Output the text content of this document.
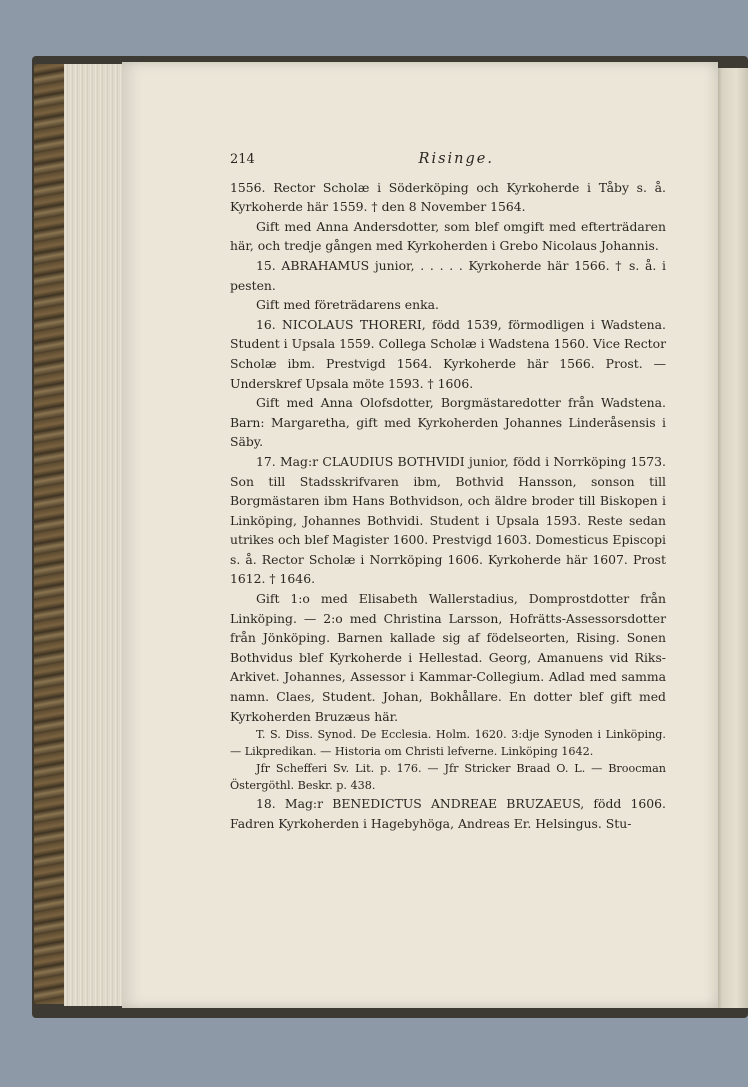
214	Risinge.

1556. Rector Scholæ i Söderköping och Kyrkoherde i Tåby s. å. Kyrkoherde här 1559. † den 8 November 1564.

Gift med Anna Andersdotter, som blef omgift med efterträdaren här, och tredje gången med Kyrkoherden i Grebo Nicolaus Johannis.

15. ABRAHAMUS junior, . . . . . Kyrkoherde här 1566. † s. å. i pesten.

Gift med företrädarens enka.

16. NICOLAUS THORERI, född 1539, förmodligen i Wadstena. Student i Upsala 1559. Collega Scholæ i Wadstena 1560. Vice Rector Scholæ ibm. Prestvigd 1564. Kyrkoherde här 1566. Prost. — Underskref Upsala möte 1593. † 1606.

Gift med Anna Olofsdotter, Borgmästaredotter från Wadstena. Barn: Margaretha, gift med Kyrkoherden Johannes Linderåsensis i Säby.

17. Mag:r CLAUDIUS BOTHVIDI junior, född i Norrköping 1573. Son till Stadsskrifvaren ibm, Bothvid Hansson, sonson till Borgmästaren ibm Hans Bothvidson, och äldre broder till Biskopen i Linköping, Johannes Bothvidi. Student i Upsala 1593. Reste sedan utrikes och blef Magister 1600. Prestvigd 1603. Domesticus Episcopi s. å. Rector Scholæ i Norrköping 1606. Kyrkoherde här 1607. Prost 1612. † 1646.

Gift 1:o med Elisabeth Wallerstadius, Domprostdotter från Linköping. — 2:o med Christina Larsson, Hofrätts-Assessorsdotter från Jönköping. Barnen kallade sig af födelseorten, Rising. Sonen Bothvidus blef Kyrkoherde i Hellestad. Georg, Amanuens vid Riks-Arkivet. Johannes, Assessor i Kammar-Collegium. Adlad med samma namn. Claes, Student. Johan, Bokhållare. En dotter blef gift med Kyrkoherden Bruzæus här.

T. S. Diss. Synod. De Ecclesia. Holm. 1620. 3:dje Synoden i Linköping. — Likpredikan. — Historia om Christi lefverne. Linköping 1642.

Jfr Schefferi Sv. Lit. p. 176. — Jfr Stricker Braad O. L. — Broocman Östergöthl. Beskr. p. 438.

18. Mag:r BENEDICTUS ANDREAE BRUZAEUS, född 1606. Fadren Kyrkoherden i Hagebyhöga, Andreas Er. Helsingus. Stu-
